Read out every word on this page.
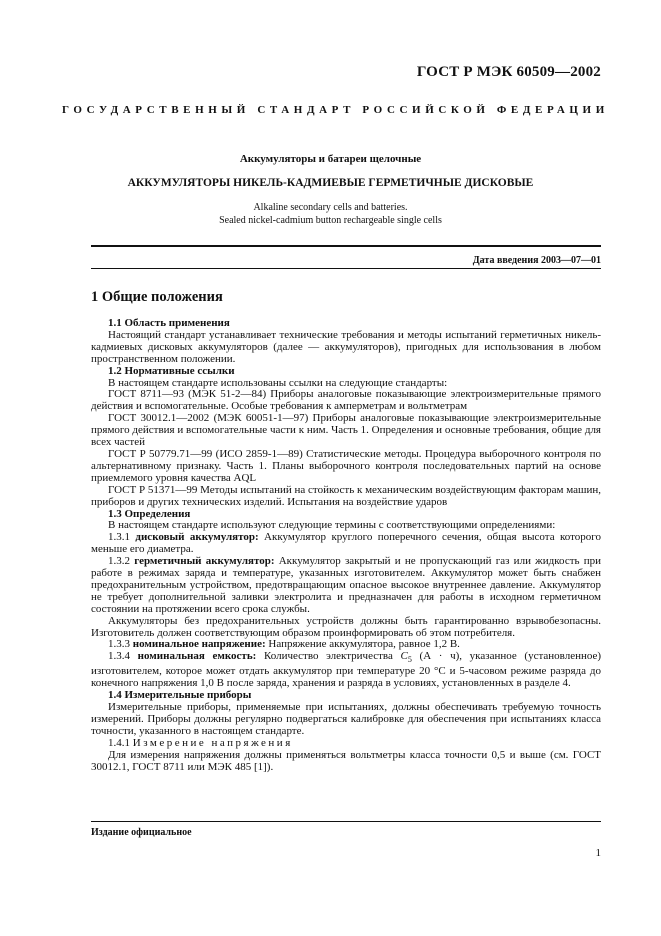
ГОСТ Р МЭК 60509—2002
ГОСУДАРСТВЕННЫЙ СТАНДАРТ РОССИЙСКОЙ ФЕДЕРАЦИИ
Аккумуляторы и батареи щелочные
АККУМУЛЯТОРЫ НИКЕЛЬ-КАДМИЕВЫЕ ГЕРМЕТИЧНЫЕ ДИСКОВЫЕ
Alkaline secondary cells and batteries.
Sealed nickel-cadmium button rechargeable single cells
Дата введения 2003—07—01
1 Общие положения

1.1 Область применения

Настоящий стандарт устанавливает технические требования и методы испытаний герметичных никель-кадмиевых дисковых аккумуляторов (далее — аккумуляторов), пригодных для использования в любом пространственном положении.

1.2 Нормативные ссылки

В настоящем стандарте использованы ссылки на следующие стандарты:

ГОСТ 8711—93 (МЭК 51-2—84) Приборы аналоговые показывающие электроизмерительные прямого действия и вспомогательные. Особые требования к амперметрам и вольтметрам

ГОСТ 30012.1—2002 (МЭК 60051-1—97) Приборы аналоговые показывающие электроизмерительные прямого действия и вспомогательные части к ним. Часть 1. Определения и основные требования, общие для всех частей

ГОСТ Р 50779.71—99 (ИСО 2859-1—89) Статистические методы. Процедура выборочного контроля по альтернативному признаку. Часть 1. Планы выборочного контроля последовательных партий на основе приемлемого уровня качества AQL

ГОСТ Р 51371—99 Методы испытаний на стойкость к механическим воздействующим факторам машин, приборов и других технических изделий. Испытания на воздействие ударов

1.3 Определения

В настоящем стандарте используют следующие термины с соответствующими определениями:

1.3.1 дисковый аккумулятор: Аккумулятор круглого поперечного сечения, общая высота которого меньше его диаметра.

1.3.2 герметичный аккумулятор: Аккумулятор закрытый и не пропускающий газ или жидкость при работе в режимах заряда и температуре, указанных изготовителем. Аккумулятор может быть снабжен предохранительным устройством, предотвращающим опасное высокое внутреннее давление. Аккумулятор не требует дополнительной заливки электролита и предназначен для работы в исходном герметичном состоянии на протяжении всего срока службы.

Аккумуляторы без предохранительных устройств должны быть гарантированно взрывобезопасны. Изготовитель должен соответствующим образом проинформировать об этом потребителя.

1.3.3 номинальное напряжение: Напряжение аккумулятора, равное 1,2 В.

1.3.4 номинальная емкость: Количество электричества $C_5$ (А · ч), указанное (установленное) изготовителем, которое может отдать аккумулятор при температуре 20 °С и 5-часовом режиме разряда до конечного напряжения 1,0 В после заряда, хранения и разряда в условиях, установленных в разделе 4.

1.4 Измерительные приборы

Измерительные приборы, применяемые при испытаниях, должны обеспечивать требуемую точность измерений. Приборы должны регулярно подвергаться калибровке для обеспечения при испытаниях класса точности, указанного в настоящем стандарте.

1.4.1 Измерение напряжения

Для измерения напряжения должны применяться вольтметры класса точности 0,5 и выше (см. ГОСТ 30012.1, ГОСТ 8711 или МЭК 485 [1]).

Издание официальное
1
